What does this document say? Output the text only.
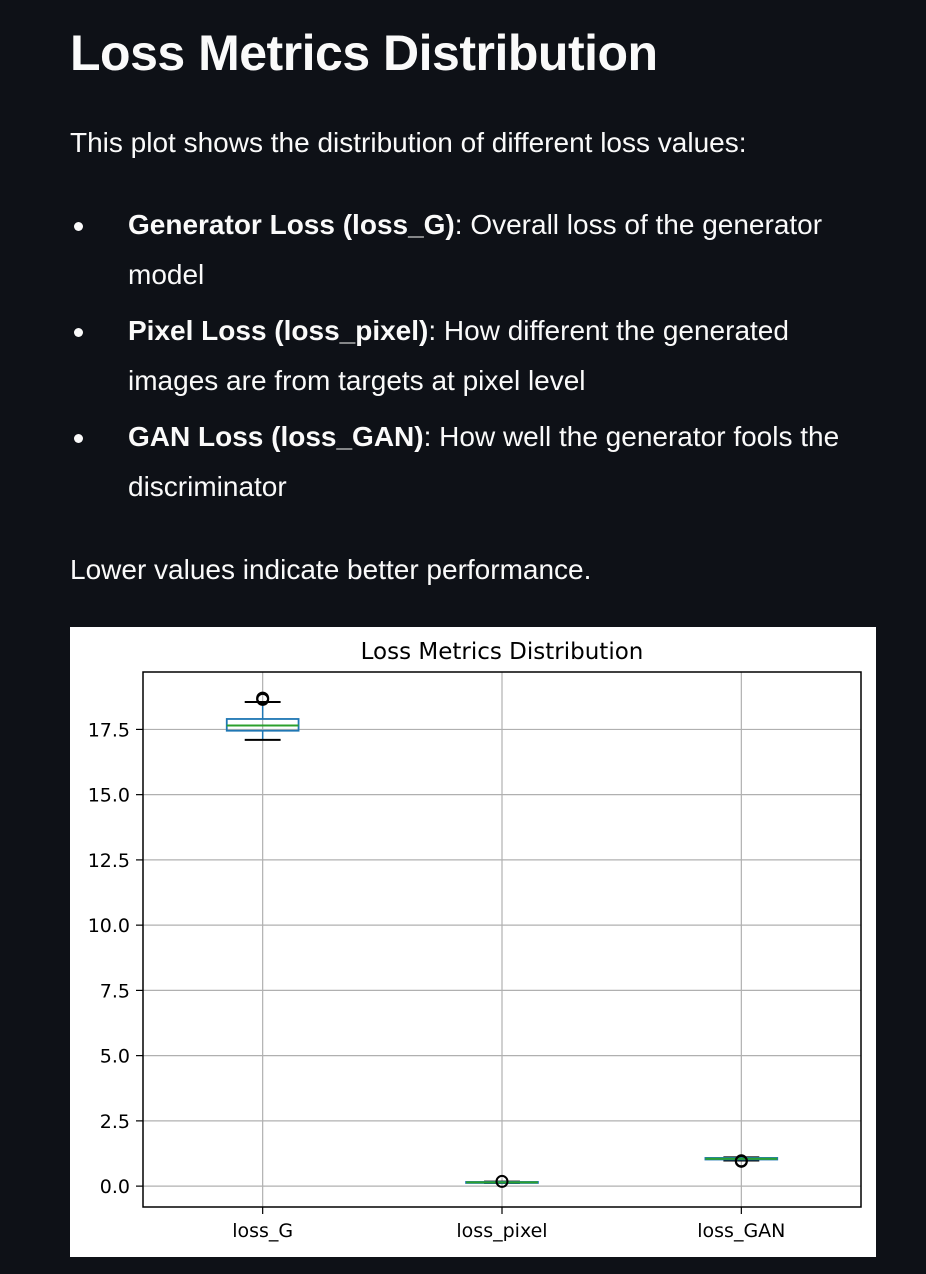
Loss Metrics Distribution

This plot shows the distribution of different loss values:

Generator Loss (loss_G): Overall loss of the generator model
Pixel Loss (loss_pixel): How different the generated images are from targets at pixel level
GAN Loss (loss_GAN): How well the generator fools the discriminator

Lower values indicate better performance.

Loss Metrics Distribution
0.0
2.5
5.0
7.5
10.0
12.5
15.0
17.5
loss_G	loss_pixel	loss_GAN
